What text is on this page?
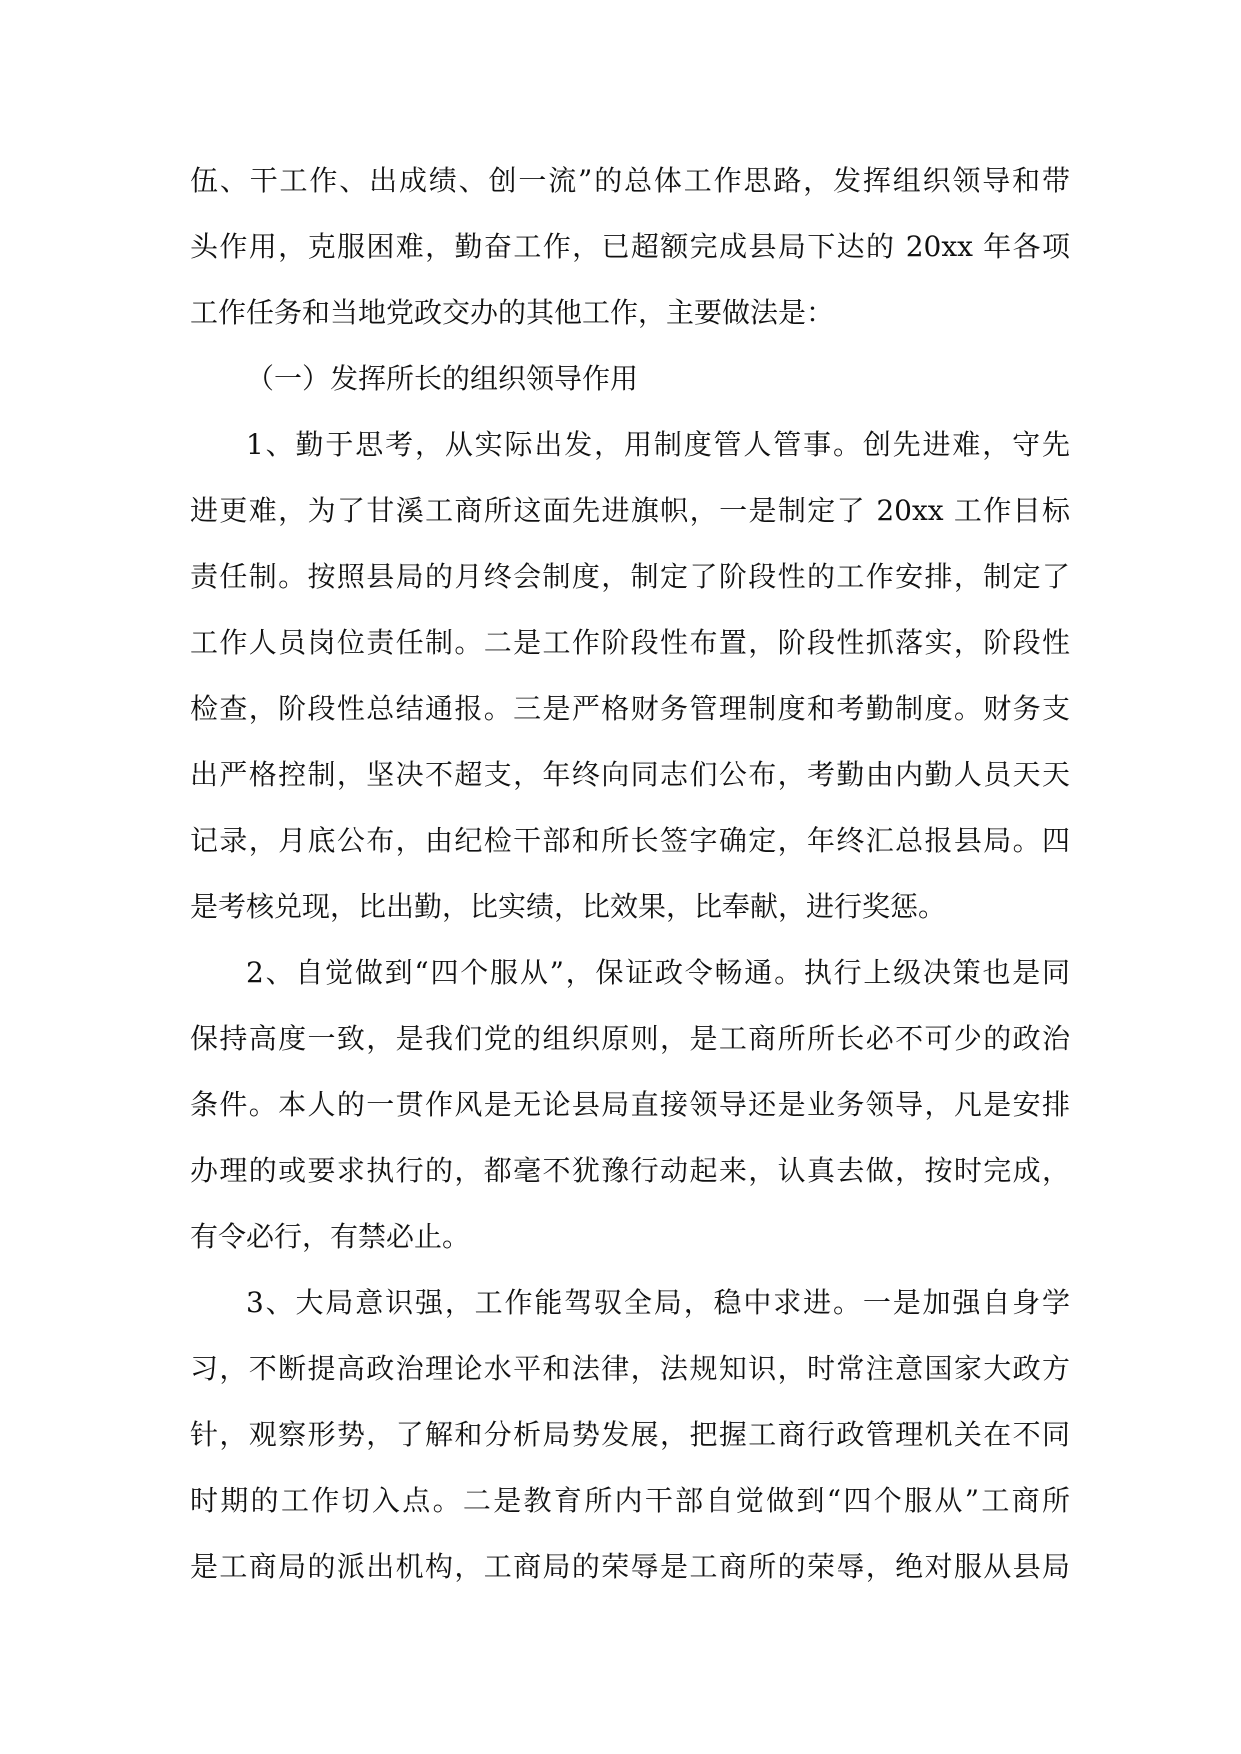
伍、干工作、出成绩、创一流”的总体工作思路，发挥组织领导和带
头作用，克服困难，勤奋工作，已超额完成县局下达的 20xx 年各项
工作任务和当地党政交办的其他工作，主要做法是：
（一）发挥所长的组织领导作用
1、勤于思考，从实际出发，用制度管人管事。创先进难，守先
进更难，为了甘溪工商所这面先进旗帜，一是制定了 20xx 工作目标
责任制。按照县局的月终会制度，制定了阶段性的工作安排，制定了
工作人员岗位责任制。二是工作阶段性布置，阶段性抓落实，阶段性
检查，阶段性总结通报。三是严格财务管理制度和考勤制度。财务支
出严格控制，坚决不超支，年终向同志们公布，考勤由内勤人员天天
记录，月底公布，由纪检干部和所长签字确定，年终汇总报县局。四
是考核兑现，比出勤，比实绩，比效果，比奉献，进行奖惩。
2、自觉做到“四个服从”，保证政令畅通。执行上级决策也是同
保持高度一致，是我们党的组织原则，是工商所所长必不可少的政治
条件。本人的一贯作风是无论县局直接领导还是业务领导，凡是安排
办理的或要求执行的，都毫不犹豫行动起来，认真去做，按时完成，
有令必行，有禁必止。
3、大局意识强，工作能驾驭全局，稳中求进。一是加强自身学
习，不断提高政治理论水平和法律，法规知识，时常注意国家大政方
针，观察形势，了解和分析局势发展，把握工商行政管理机关在不同
时期的工作切入点。二是教育所内干部自觉做到“四个服从”工商所
是工商局的派出机构，工商局的荣辱是工商所的荣辱，绝对服从县局
